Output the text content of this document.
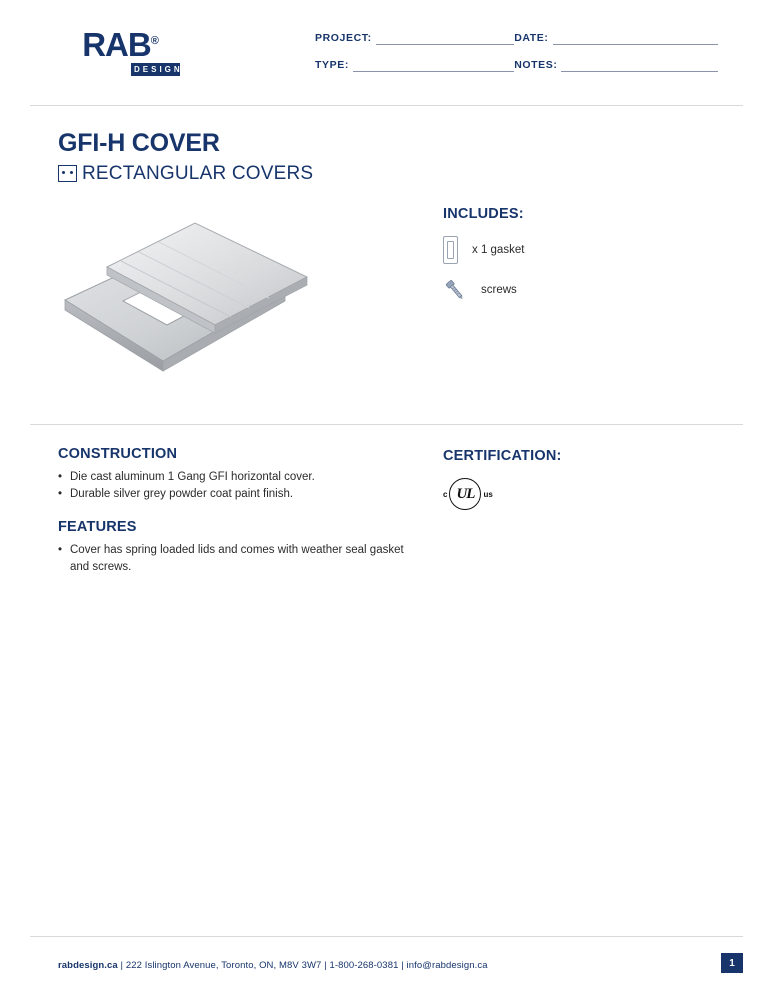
RAB®
DESIGN
PROJECT:	DATE:
TYPE:	NOTES:
GFI-H COVER
RECTANGULAR COVERS
INCLUDES:
x 1 gasket
screws
CONSTRUCTION
• Die cast aluminum 1 Gang GFI horizontal cover.
• Durable silver grey powder coat paint finish.
FEATURES
• Cover has spring loaded lids and comes with weather seal gasket and screws.
CERTIFICATION:
c UL	us
rabdesign.ca | 222 Islington Avenue, Toronto, ON, M8V 3W7 | 1-800-268-0381 | info@rabdesign.ca	1
